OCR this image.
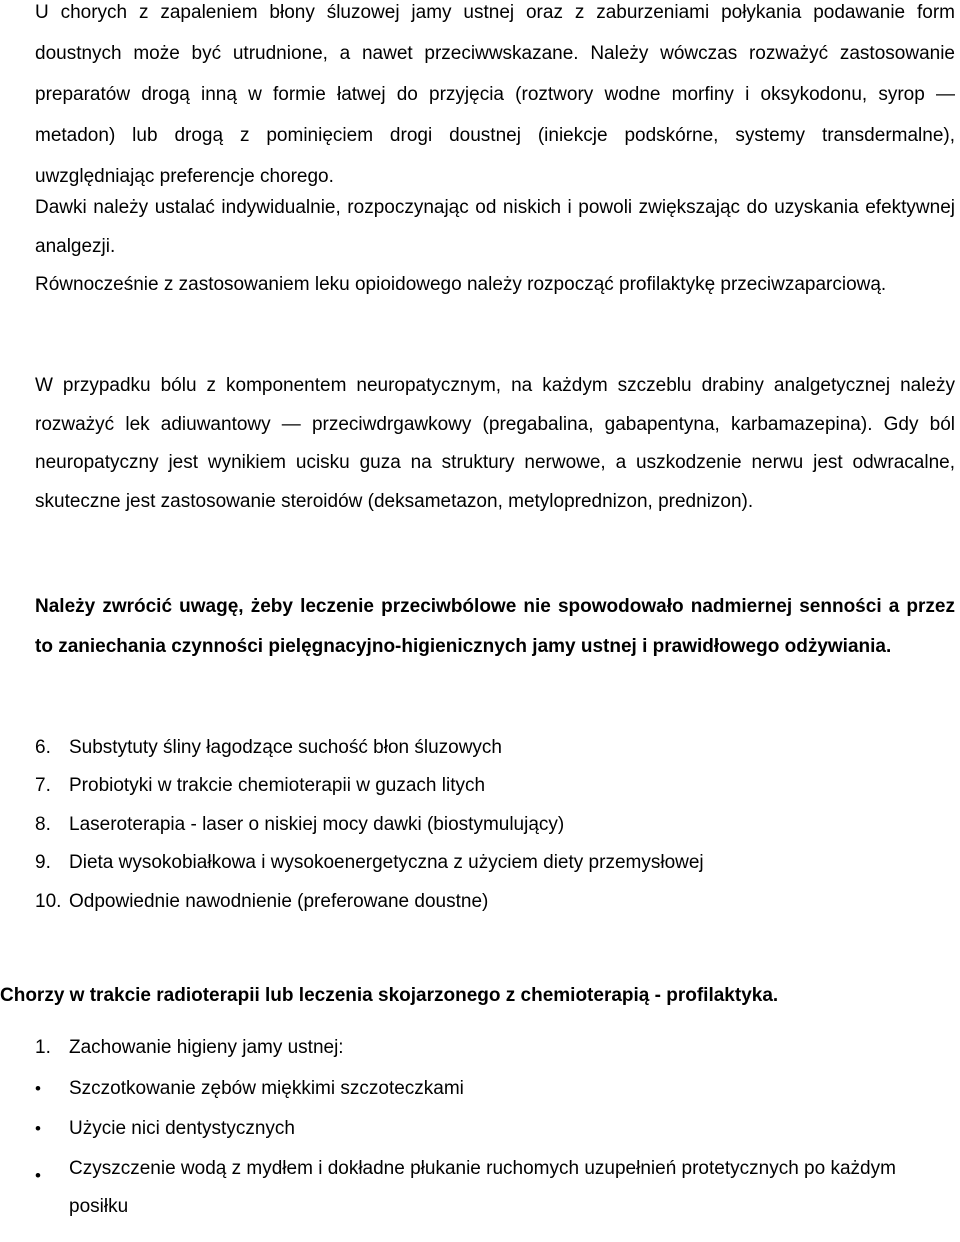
U chorych z zapaleniem błony śluzowej jamy ustnej oraz z zaburzeniami połykania podawanie form doustnych może być utrudnione, a nawet przeciwwskazane. Należy wówczas rozważyć zastosowanie preparatów drogą inną w formie łatwej do przyjęcia (roztwory wodne morfiny i oksykodonu, syrop — metadon) lub drogą z pominięciem drogi doustnej (iniekcje podskórne, systemy transdermalne), uwzględniając preferencje chorego.

Dawki należy ustalać indywidualnie, rozpoczynając od niskich i powoli zwiększając do uzyskania efektywnej analgezji.

Równocześnie z zastosowaniem leku opioidowego należy rozpocząć profilaktykę przeciwzaparciową.

W przypadku bólu z komponentem neuropatycznym, na każdym szczeblu drabiny analgetycznej należy rozważyć lek adiuwantowy — przeciwdrgawkowy (pregabalina, gabapentyna, karbamazepina). Gdy ból neuropatyczny jest wynikiem ucisku guza na struktury nerwowe, a uszkodzenie nerwu jest odwracalne, skuteczne jest zastosowanie steroidów (deksametazon, metyloprednizon, prednizon).

Należy zwrócić uwagę, żeby leczenie przeciwbólowe nie spowodowało nadmiernej senności a przez to zaniechania czynności pielęgnacyjno-higienicznych jamy ustnej i prawidłowego odżywiania.

6. Substytuty śliny łagodzące suchość błon śluzowych
7. Probiotyki w trakcie chemioterapii w guzach litych
8. Laseroterapia - laser o niskiej mocy dawki (biostymulujący)
9. Dieta wysokobiałkowa i wysokoenergetyczna z użyciem diety przemysłowej
10. Odpowiednie nawodnienie (preferowane doustne)
Chorzy w trakcie radioterapii lub leczenia skojarzonego z chemioterapią - profilaktyka.
1. Zachowanie higieny jamy ustnej:
• Szczotkowanie zębów miękkimi szczoteczkami
• Użycie nici dentystycznych
• Czyszczenie wodą z mydłem i dokładne płukanie ruchomych uzupełnień protetycznych po każdym posiłku
